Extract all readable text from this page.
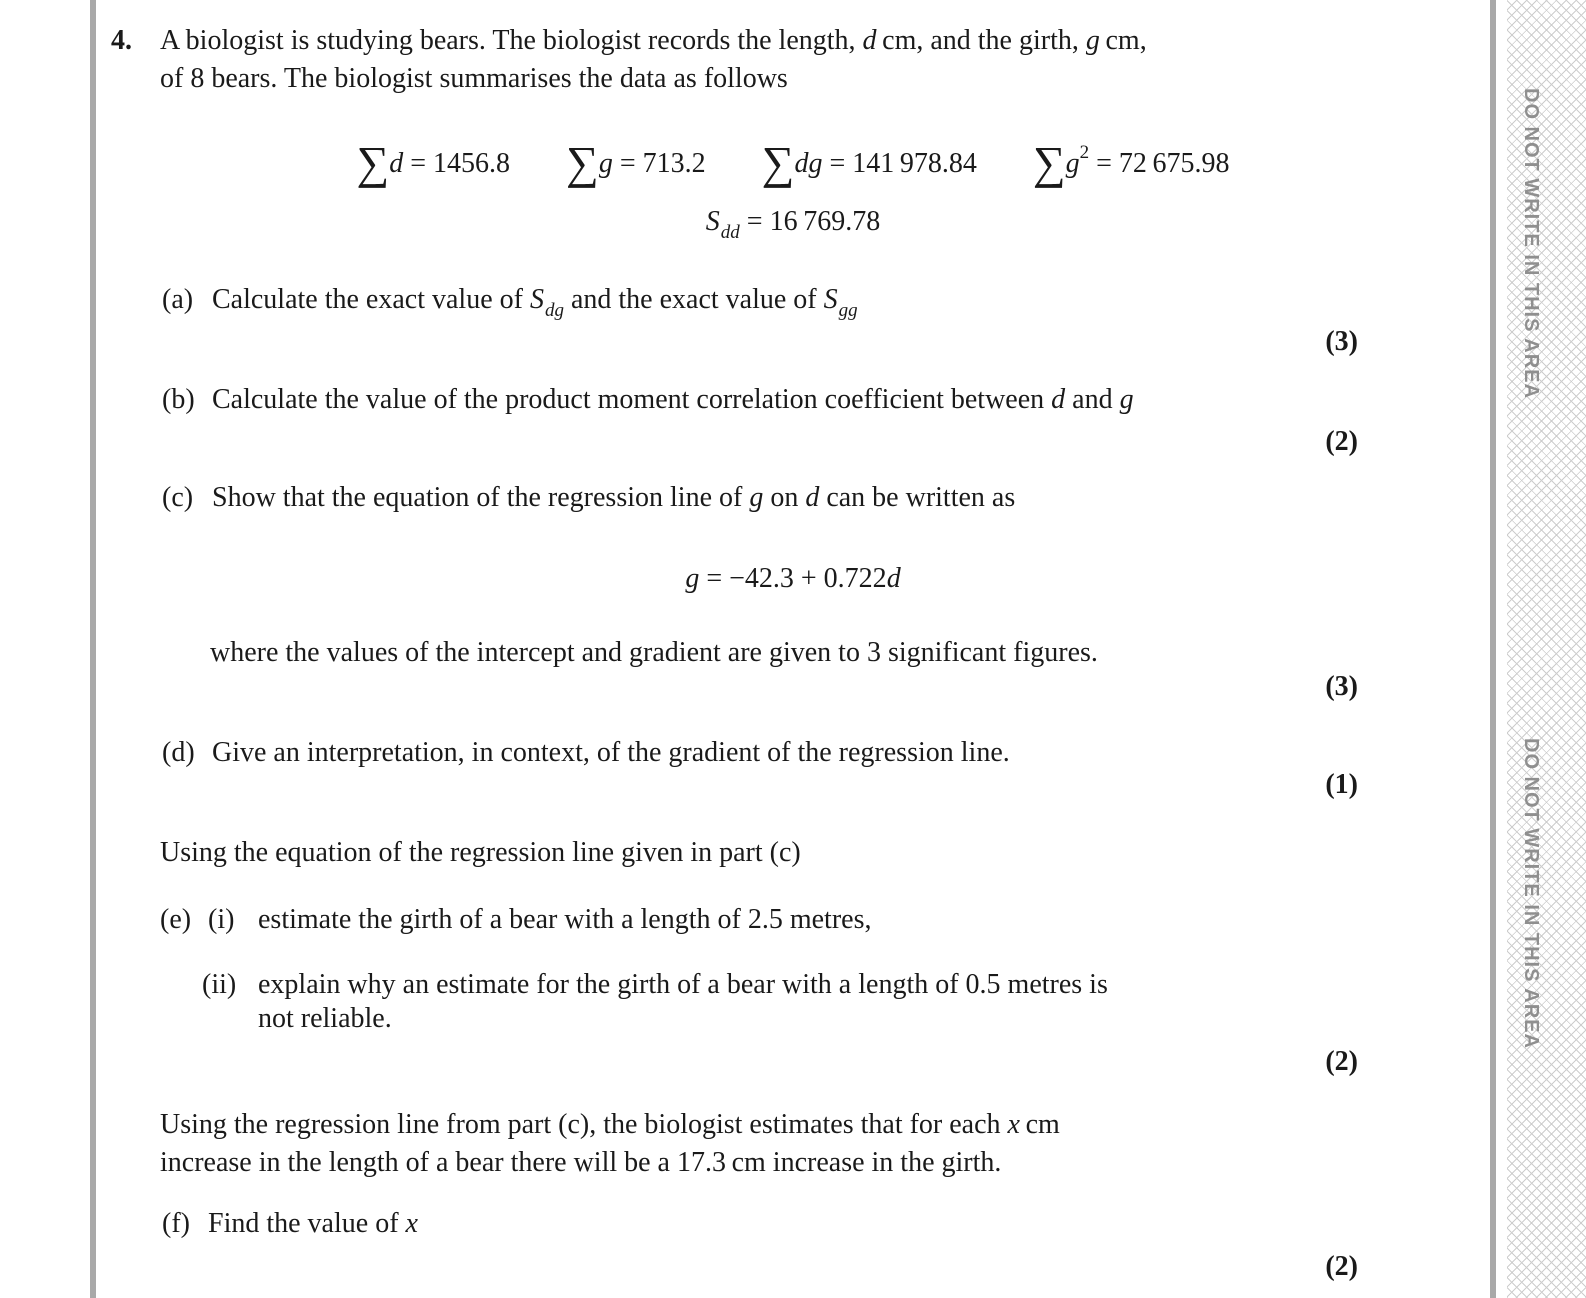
4. A biologist is studying bears. The biologist records the length, d cm, and the girth, g cm,
of 8 bears. The biologist summarises the data as follows
∑d = 1456.8 ∑g = 713.2 ∑dg = 141 978.84 $\sum g^2 = 72$ 675.98
$S_{dd} = 16$ 769.78
(a) Calculate the exact value of $S_{dg}$ and the exact value of $S_{gg}$
(3)
(b) Calculate the value of the product moment correlation coefficient between d and g
(2)
(c) Show that the equation of the regression line of g on d can be written as
g = −42.3 + 0.722d
where the values of the intercept and gradient are given to 3 significant figures.
(3)
(d) Give an interpretation, in context, of the gradient of the regression line.
(1)
Using the equation of the regression line given in part (c)
(e) (i) estimate the girth of a bear with a length of 2.5 metres,
(ii) explain why an estimate for the girth of a bear with a length of 0.5 metres is
not reliable.
(2)
Using the regression line from part (c), the biologist estimates that for each x cm
increase in the length of a bear there will be a 17.3 cm increase in the girth.
(f) Find the value of x
(2)
DO NOT WRITE IN THIS AREA
DO NOT WRITE IN THIS AREA
